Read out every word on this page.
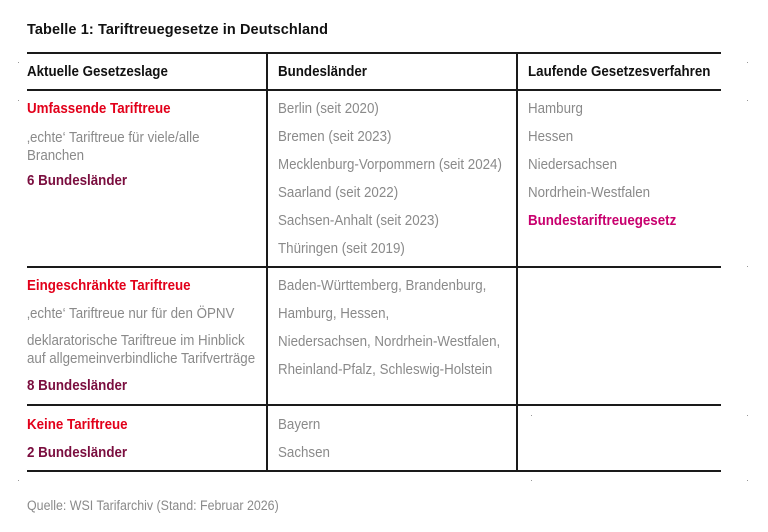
Tabelle 1: Tariftreuegesetze in Deutschland
Aktuelle Gesetzeslage	Bundesländer	Laufende Gesetzesverfahren
Umfassende Tariftreue
‚echte‘ Tariftreue für viele/alle Branchen
6 Bundesländer
Berlin (seit 2020)
Bremen (seit 2023)
Mecklenburg-Vorpommern (seit 2024)
Saarland (seit 2022)
Sachsen-Anhalt (seit 2023)
Thüringen (seit 2019)
Hamburg
Hessen
Niedersachsen
Nordrhein-Westfalen
Bundestariftreuegesetz
Eingeschränkte Tariftreue
‚echte‘ Tariftreue nur für den ÖPNV
deklaratorische Tariftreue im Hinblick auf allgemeinverbindliche Tarifverträge
8 Bundesländer
Baden-Württemberg, Brandenburg,
Hamburg, Hessen,
Niedersachsen, Nordrhein-Westfalen,
Rheinland-Pfalz, Schleswig-Holstein
Keine Tariftreue
2 Bundesländer
Bayern
Sachsen
Quelle: WSI Tarifarchiv (Stand: Februar 2026)
